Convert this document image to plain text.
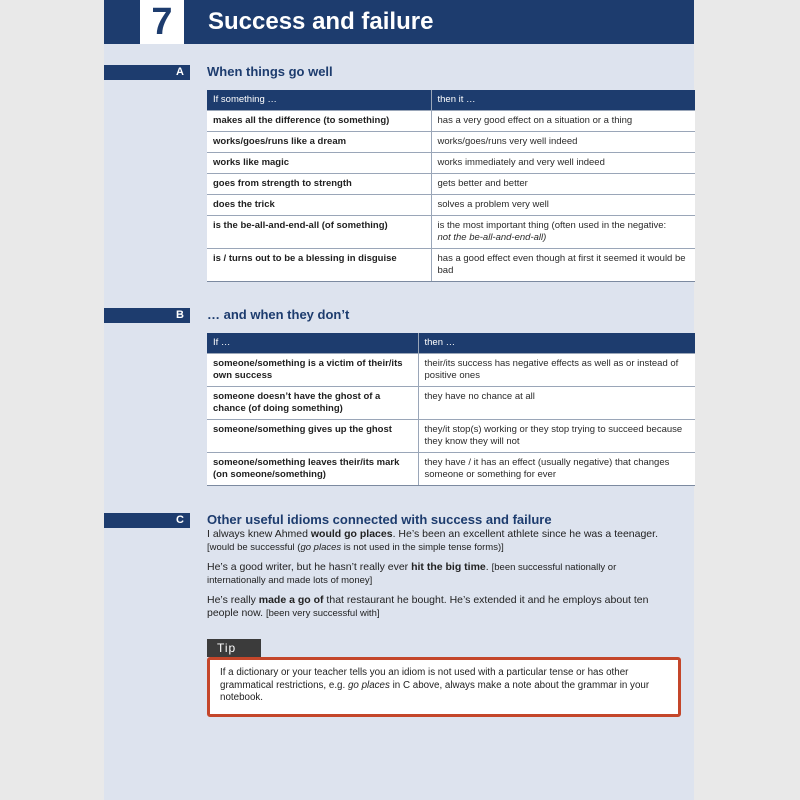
7	Success and failure
A	When things go well
If something …	then it …
makes all the difference (to something)	has a very good effect on a situation or a thing
works/goes/runs like a dream	works/goes/runs very well indeed
works like magic	works immediately and very well indeed
goes from strength to strength	gets better and better
does the trick	solves a problem very well
is the be-all-and-end-all (of something)	is the most important thing (often used in the negative:
not the be-all-and-end-all)
is / turns out to be a blessing in disguise	has a good effect even though at first it seemed it would be bad
B	… and when they don’t
If …	then …
someone/something is a victim of their/its own success	their/its success has negative effects as well as or instead of positive ones
someone doesn’t have the ghost of a chance (of doing something)	they have no chance at all
someone/something gives up the ghost	they/it stop(s) working or they stop trying to succeed because they know they will not
someone/something leaves their/its mark (on someone/something)	they have / it has an effect (usually negative) that changes someone or something for ever
C	Other useful idioms connected with success and failure
I always knew Ahmed would go places. He’s been an excellent athlete since he was a teenager.
[would be successful (go places is not used in the simple tense forms)]
He’s a good writer, but he hasn’t really ever hit the big time. [been successful nationally or internationally and made lots of money]
He’s really made a go of that restaurant he bought. He’s extended it and he employs about ten people now. [been very successful with]
Tip
If a dictionary or your teacher tells you an idiom is not used with a particular tense or has other grammatical restrictions, e.g. go places in C above, always make a note about the grammar in your notebook.
